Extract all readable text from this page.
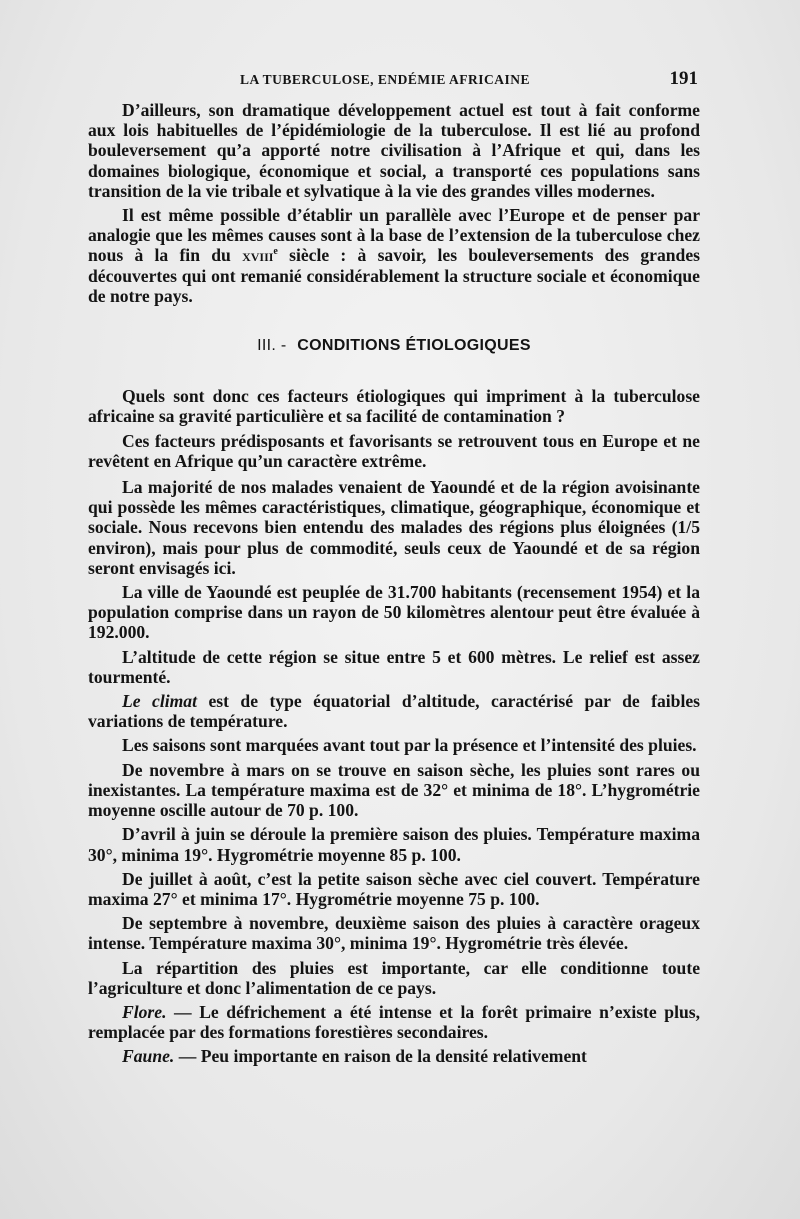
LA TUBERCULOSE, ENDÉMIE AFRICAINE	191

D’ailleurs, son dramatique développement actuel est tout à fait conforme aux lois habituelles de l’épidémiologie de la tuberculose. Il est lié au profond bouleversement qu’a apporté notre civilisation à l’Afrique et qui, dans les domaines biologique, économique et social, a transporté ces populations sans transition de la vie tribale et sylvatique à la vie des grandes villes modernes.

Il est même possible d’établir un parallèle avec l’Europe et de penser par analogie que les mêmes causes sont à la base de l’extension de la tuberculose chez nous à la fin du xviii$^e$ siècle : à savoir, les bouleversements des grandes découvertes qui ont remanié considérablement la structure sociale et économique de notre pays.

III. - CONDITIONS ÉTIOLOGIQUES

Quels sont donc ces facteurs étiologiques qui impriment à la tuberculose africaine sa gravité particulière et sa facilité de contamination ?

Ces facteurs prédisposants et favorisants se retrouvent tous en Europe et ne revêtent en Afrique qu’un caractère extrême.

La majorité de nos malades venaient de Yaoundé et de la région avoisinante qui possède les mêmes caractéristiques, climatique, géographique, économique et sociale. Nous recevons bien entendu des malades des régions plus éloignées (1/5 environ), mais pour plus de commodité, seuls ceux de Yaoundé et de sa région seront envisagés ici.

La ville de Yaoundé est peuplée de 31.700 habitants (recensement 1954) et la population comprise dans un rayon de 50 kilomètres alentour peut être évaluée à 192.000.

L’altitude de cette région se situe entre 5 et 600 mètres. Le relief est assez tourmenté.

Le climat est de type équatorial d’altitude, caractérisé par de faibles variations de température.

Les saisons sont marquées avant tout par la présence et l’intensité des pluies.

De novembre à mars on se trouve en saison sèche, les pluies sont rares ou inexistantes. La température maxima est de 32° et minima de 18°. L’hygrométrie moyenne oscille autour de 70 p. 100.

D’avril à juin se déroule la première saison des pluies. Température maxima 30°, minima 19°. Hygrométrie moyenne 85 p. 100.

De juillet à août, c’est la petite saison sèche avec ciel couvert. Température maxima 27° et minima 17°. Hygrométrie moyenne 75 p. 100.

De septembre à novembre, deuxième saison des pluies à caractère orageux intense. Température maxima 30°, minima 19°. Hygrométrie très élevée.

La répartition des pluies est importante, car elle conditionne toute l’agriculture et donc l’alimentation de ce pays.

Flore. — Le défrichement a été intense et la forêt primaire n’existe plus, remplacée par des formations forestières secondaires.

Faune. — Peu importante en raison de la densité relativement
